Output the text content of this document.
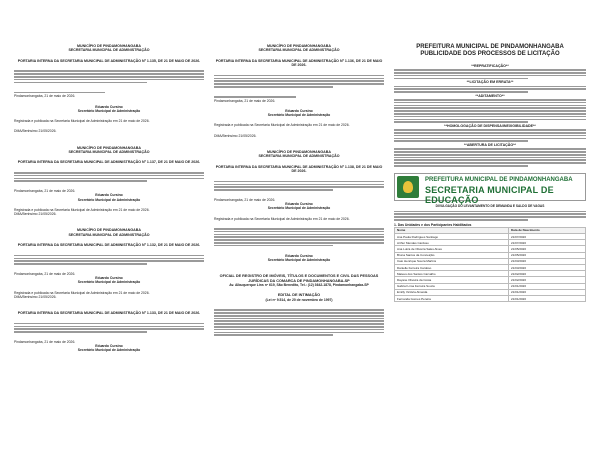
MUNICÍPIO DE PINDAMONHANGABA
SECRETARIA MUNICIPAL DE ADMINISTRAÇÃO
PORTARIA INTERNA DA SECRETARIA MUNICIPAL DE ADMINISTRAÇÃO Nº 1.135, DE 21 DE MAIO DE 2026.
Pindamonhangaba, 21 de maio de 2026.
Eduardo Cursino
Secretário Municipal de Administração
Registrada e publicada na Secretaria Municipal de Administração em 21 de maio de 2026.
DMA/Benhsimo 21/05/2026.
MUNICÍPIO DE PINDAMONHANGABA
SECRETARIA MUNICIPAL DE ADMINISTRAÇÃO
PORTARIA INTERNA DA SECRETARIA MUNICIPAL DE ADMINISTRAÇÃO Nº 1.137, DE 21 DE MAIO DE 2026.
Pindamonhangaba, 21 de maio de 2026.
Eduardo Cursino
Secretário Municipal de Administração
Registrada e publicada na Secretaria Municipal de Administração em 21 de maio de 2026.
DMA/Benhsimo 21/05/2026.
MUNICÍPIO DE PINDAMONHANGABA
SECRETARIA MUNICIPAL DE ADMINISTRAÇÃO
PORTARIA INTERNA DA SECRETARIA MUNICIPAL DE ADMINISTRAÇÃO Nº 1.132, DE 21 DE MAIO DE 2026.
Pindamonhangaba, 21 de maio de 2026.
Eduardo Cursino
Secretário Municipal de Administração
Registrada e publicada na Secretaria Municipal de Administração em 21 de maio de 2026.
DMA/Benhsimo 21/05/2026.
PORTARIA INTERNA DA SECRETARIA MUNICIPAL DE ADMINISTRAÇÃO Nº 1.133, DE 21 DE MAIO DE 2026.
Pindamonhangaba, 21 de maio de 2026.
Eduardo Cursino
Secretário Municipal de Administração
MUNICÍPIO DE PINDAMONHANGABA
SECRETARIA MUNICIPAL DE ADMINISTRAÇÃO
PORTARIA INTERNA DA SECRETARIA MUNICIPAL DE ADMINISTRAÇÃO Nº 1.136, DE 21 DE MAIO DE 2026.
Pindamonhangaba, 21 de maio de 2026.
Eduardo Cursino
Secretário Municipal de Administração
Registrada e publicada na Secretaria Municipal de Administração em 21 de maio de 2026.
DMA/Benhsimo 21/05/2026.
MUNICÍPIO DE PINDAMONHANGABA
SECRETARIA MUNICIPAL DE ADMINISTRAÇÃO
PORTARIA INTERNA DA SECRETARIA MUNICIPAL DE ADMINISTRAÇÃO Nº 1.138, DE 21 DE MAIO DE 2026.
Pindamonhangaba, 21 de maio de 2026.
Eduardo Cursino
Secretário Municipal de Administração
Registrada e publicada na Secretaria Municipal de Administração em 21 de maio de 2026.
Eduardo Cursino
Secretário Municipal de Administração
OFICIAL DE REGISTRO DE IMÓVEIS, TÍTULOS E DOCUMENTOS E CIVIL DAS PESSOAS JURÍDICAS DA COMARCA DE PINDAMONHANGABA-SP
Av. Albuquerque Lins nº 619, São Benedito, Tel.: (12) 3642-1878, Pindamonhangaba-SP
EDITAL DE INTIMAÇÃO
(Lei nº 9.514, de 20 de novembro de 1997)
PREFEITURA MUNICIPAL DE PINDAMONHANGABA
PUBLICIDADE DOS PROCESSOS DE LICITAÇÃO
**REPRATIFICAÇÃO**
**LICITAÇÃO EM ERRATA**
**ADITAMENTO**
**HOMOLOGAÇÃO DE DISPENSA/INEXIGIBILIDADE**
**ABERTURA DE LICITAÇÃO**
PREFEITURA MUNICIPAL DE PINDAMONHANGABA
SECRETARIA MUNICIPAL DE EDUCAÇÃO
DIVULGAÇÃO DO LEVANTAMENTO DE DEMANDA E SALDO DE VAGAS
1. Das Unidades e dos Participantes Habilitados
Nome	Data de Nascimento
Ana Paula Rodrigues Santiago	21/07/2020
Arthur Mendes Cardoso	21/07/2020
Ana Luiza de Oliveira Sales Alves	21/05/2020
Bruna Santos da Conceição	21/05/2020
Caio Henrique Souza Martins	21/03/2020
Danielle Ferreira Cardoso	21/03/2020
Mateus dos Santos Carvalho	21/02/2020
Dayane Oliveira da Costa	21/02/2020
Gabriel Lima Ferreira Souza	21/01/2020
Emilly Victória Almeida	21/01/2020
Fernanda Gomes Pereira	21/01/2020
